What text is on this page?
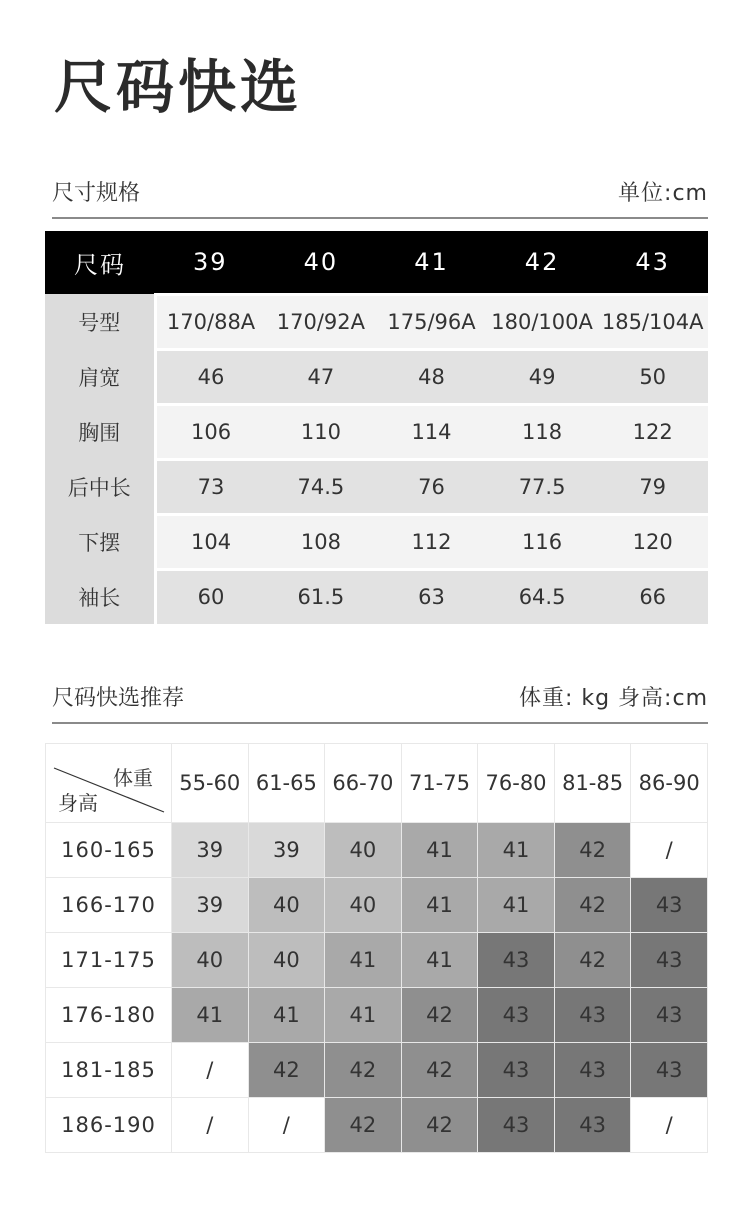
尺码快选
尺寸规格	单位:cm
尺码	39	40	41	42	43
号型	170/88A	170/92A	175/96A	180/100A	185/104A
肩宽	46	47	48	49	50
胸围	106	110	114	118	122
后中长	73	74.5	76	77.5	79
下摆	104	108	112	116	120
袖长	60	61.5	63	64.5	66
尺码快选推荐	体重: kg 身高:cm
体重
身高	55-60	61-65	66-70	71-75	76-80	81-85	86-90
160-165	39	39	40	41	41	42	/
166-170	39	40	40	41	41	42	43
171-175	40	40	41	41	43	42	43
176-180	41	41	41	42	43	43	43
181-185	/	42	42	42	43	43	43
186-190	/	/	42	42	43	43	/
